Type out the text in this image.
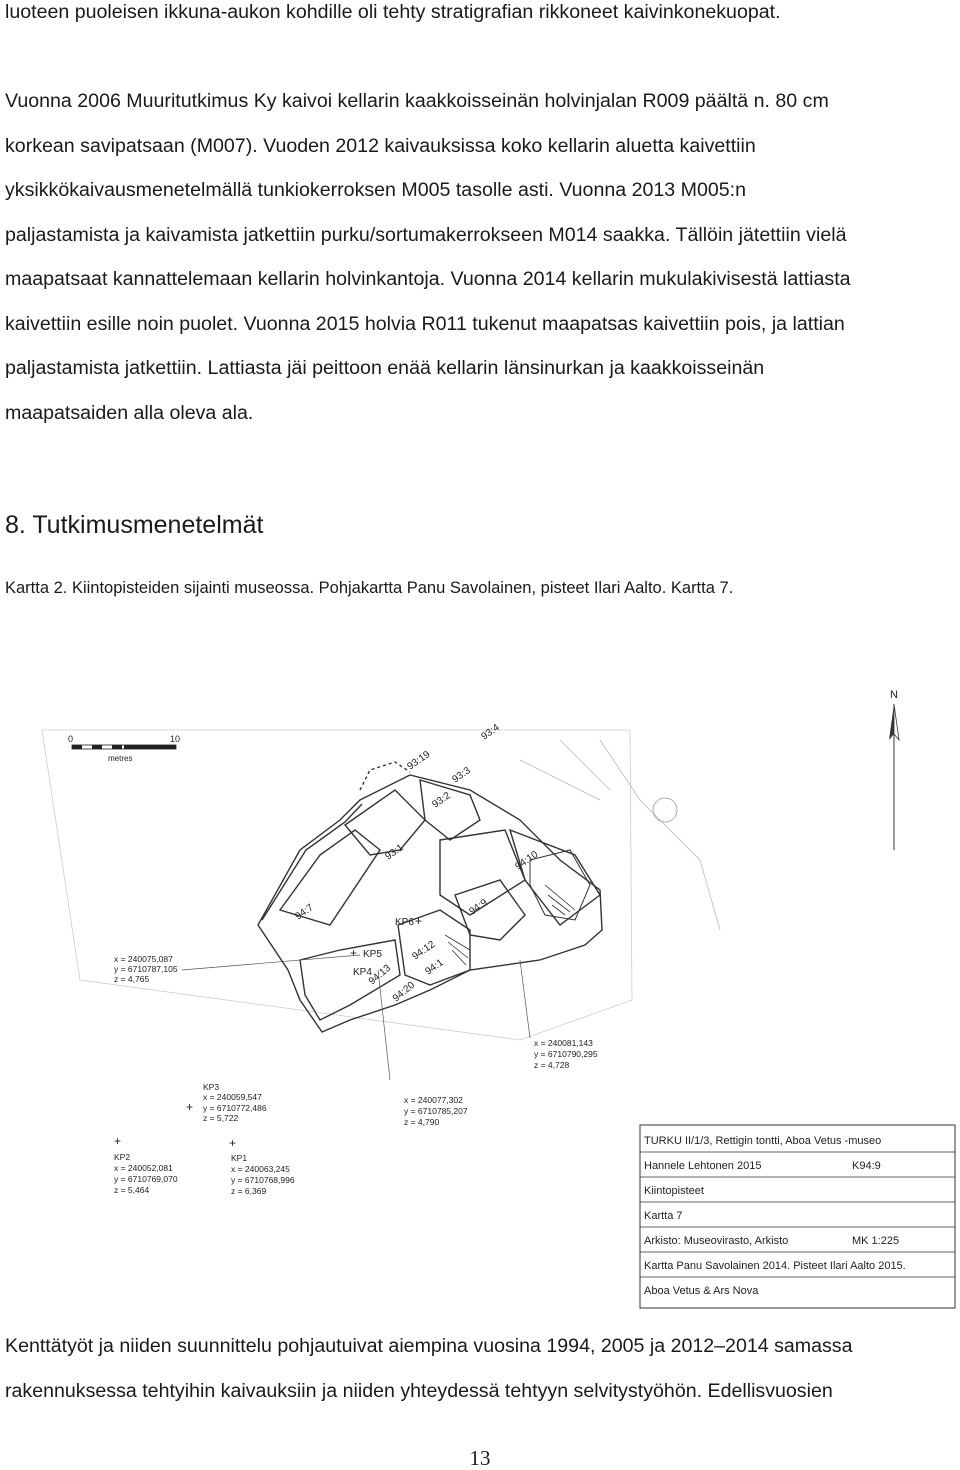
luoteen puoleisen ikkuna-aukon kohdille oli tehty stratigrafian rikkoneet kaivinkonekuopat.
Vuonna 2006 Muuritutkimus Ky kaivoi kellarin kaakkoisseinän holvinjalan R009 päältä n. 80 cm
korkean savipatsaan (M007). Vuoden 2012 kaivauksissa koko kellarin aluetta kaivettiin
yksikkökaivausmenetelmällä tunkiokerroksen M005 tasolle asti. Vuonna 2013 M005:n
paljastamista ja kaivamista jatkettiin purku/sortumakerrokseen M014 saakka. Tällöin jätettiin vielä
maapatsaat kannattelemaan kellarin holvinkantoja. Vuonna 2014 kellarin mukulakivisestä lattiasta
kaivettiin esille noin puolet. Vuonna 2015 holvia R011 tukenut maapatsas kaivettiin pois, ja lattian
paljastamista jatkettiin. Lattiasta jäi peittoon enää kellarin länsinurkan ja kaakkoisseinän
maapatsaiden alla oleva ala.
8. Tutkimusmenetelmät
Kartta 2. Kiintopisteiden sijainti museossa. Pohjakartta Panu Savolainen, pisteet Ilari Aalto. Kartta 7.
N
0	10
metres	93:19
93:4
93:3
93:2
93:1	94:10
94:7	94:9
KP6
94:12
94:13
94:20
94:1
KP5
KP4
+
+
x = 240075,087
y = 6710787,105
z = 4,765
x = 240081,143
y = 6710790,295
z = 4,728
KP3
x = 240059,547
+ y = 6710772,486
z = 5,722
x = 240077,302
y = 6710785,207
z = 4,790
+
KP2
x = 240052,081
y = 6710769,070
z = 5,464
+
KP1
x = 240063,245
y = 6710768,996
z = 6,369
TURKU II/1/3, Rettigin tontti, Aboa Vetus -museo
Hannele Lehtonen 2015	K94:9
Kiintopisteet
Kartta 7
Arkisto: Museovirasto, Arkisto	MK 1:225
Kartta Panu Savolainen 2014. Pisteet Ilari Aalto 2015.
Aboa Vetus & Ars Nova
Kenttätyöt ja niiden suunnittelu pohjautuivat aiempina vuosina 1994, 2005 ja 2012–2014 samassa
rakennuksessa tehtyihin kaivauksiin ja niiden yhteydessä tehtyyn selvitystyöhön. Edellisvuosien
13
